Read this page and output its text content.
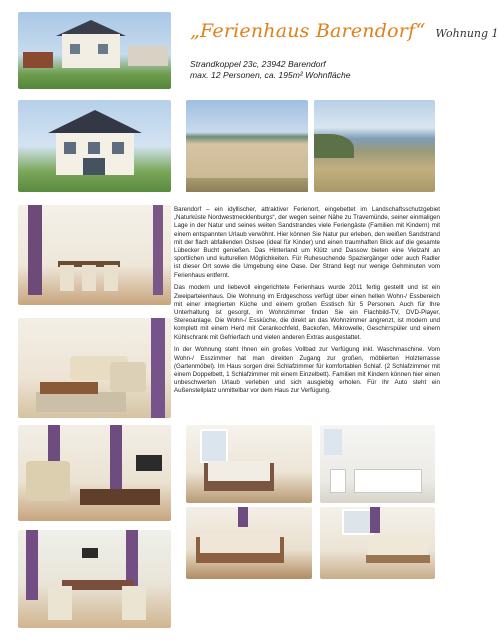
„Ferienhaus Barendorf“ Wohnung 1
Strandkoppel 23c, 23942 Barendorf
max. 12 Personen, ca. 195m² Wohnfläche

Barendorf – ein idyllischer, attraktiver Ferienort, eingebettet im Landschaftsschutzgebiet „Naturküste Nordwestmecklenburgs“, der wegen seiner Nähe zu Travemünde, seiner einmaligen Lage in der Natur und seines weiten Sandstrandes viele Feriengäste (Familien mit Kindern) mit einem entspannten Urlaub verwöhnt. Hier können Sie Natur pur erleben, den weißen Sandstrand mit der flach abfallenden Ostsee (ideal für Kinder) und einen traumhaften Blick auf die gesamte Lübecker Bucht genießen. Das Hinterland um Klütz und Dassow bieten eine Vielzahl an sportlichen und kulturellen Möglichkeiten. Für Ruhesuchende Spaziergänger oder auch Radler ist dieser Ort sowie die Umgebung eine Oase. Der Strand liegt nur wenige Gehminuten vom Ferienhaus entfernt.

Das modern und liebevoll eingerichtete Ferienhaus wurde 2011 fertig gestellt und ist ein Zweiparteienhaus. Die Wohnung im Erdgeschoss verfügt über einen hellen Wohn-/ Essbereich mit einer integrierten Küche und einem großen Esstisch für 5 Personen. Auch für Ihre Unterhaltung ist gesorgt, im Wohnzimmer finden Sie ein Flachbild-TV, DVD-Player, Stereoanlage. Die Wohn-/ Essküche, die direkt an das Wohnzimmer angrenzt, ist modern und komplett mit einem Herd mit Cerankochfeld, Backofen, Mikrowelle, Geschirrspüler und einem Kühlschrank mit Gefrierfach und vielen anderen Extras ausgestattet.

In der Wohnung steht Ihnen ein großes Vollbad zur Verfügung inkl. Waschmaschine. Vom Wohn-/ Esszimmer hat man direkten Zugang zur großen, möblierten Holzterrasse (Gartenmöbel). Im Haus sorgen drei Schlafzimmer für komfortablen Schlaf. (2 Schlafzimmer mit einem Doppelbett, 1 Schlafzimmer mit einem Einzelbett). Familien mit Kindern können hier einen unbeschwerten Urlaub verleben und sich ausgiebig erholen. Für Ihr Auto steht ein Außenstellplatz unmittelbar vor dem Haus zur Verfügung.
